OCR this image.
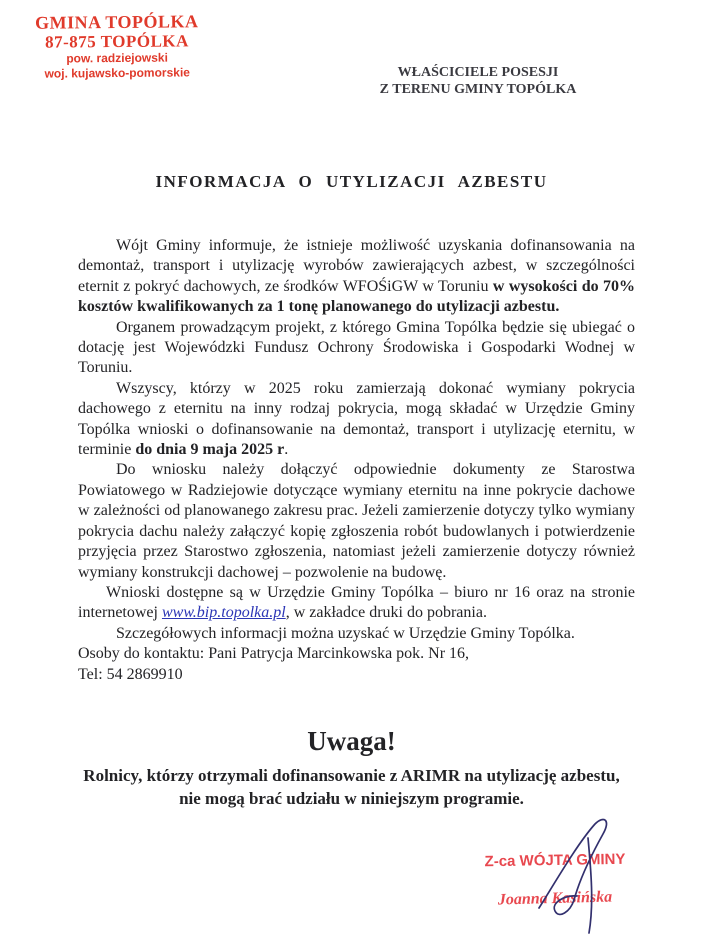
GMINA TOPÓLKA
87-875 TOPÓLKA
pow. radziejowski
woj. kujawsko-pomorskie	WŁAŚCICIELE POSESJI
Z TERENU GMINY TOPÓLKA
INFORMACJA O UTYLIZACJI AZBESTU

Wójt Gminy informuje, że istnieje możliwość uzyskania dofinansowania na demontaż, transport i utylizację wyrobów zawierających azbest, w szczególności eternit z pokryć dachowych, ze środków WFOŚiGW w Toruniu w wysokości do 70% kosztów kwalifikowanych za 1 tonę planowanego do utylizacji azbestu.

Organem prowadzącym projekt, z którego Gmina Topólka będzie się ubiegać o dotację jest Wojewódzki Fundusz Ochrony Środowiska i Gospodarki Wodnej w Toruniu.

Wszyscy, którzy w 2025 roku zamierzają dokonać wymiany pokrycia dachowego z eternitu na inny rodzaj pokrycia, mogą składać w Urzędzie Gminy Topólka wnioski o dofinansowanie na demontaż, transport i utylizację eternitu, w terminie do dnia 9 maja 2025 r.

Do wniosku należy dołączyć odpowiednie dokumenty ze Starostwa Powiatowego w Radziejowie dotyczące wymiany eternitu na inne pokrycie dachowe w zależności od planowanego zakresu prac. Jeżeli zamierzenie dotyczy tylko wymiany pokrycia dachu należy załączyć kopię zgłoszenia robót budowlanych i potwierdzenie przyjęcia przez Starostwo zgłoszenia, natomiast jeżeli zamierzenie dotyczy również wymiany konstrukcji dachowej – pozwolenie na budowę.

Wnioski dostępne są w Urzędzie Gminy Topólka – biuro nr 16 oraz na stronie internetowej www.bip.topolka.pl, w zakładce druki do pobrania.

Szczegółowych informacji można uzyskać w Urzędzie Gminy Topólka.

Osoby do kontaktu: Pani Patrycja Marcinkowska pok. Nr 16,

Tel: 54 2869910

Uwaga!
Rolnicy, którzy otrzymali dofinansowanie z ARIMR na utylizację azbestu,
nie mogą brać udziału w niniejszym programie.
Z-ca WÓJTA GMINY
Joanna Kasińska
